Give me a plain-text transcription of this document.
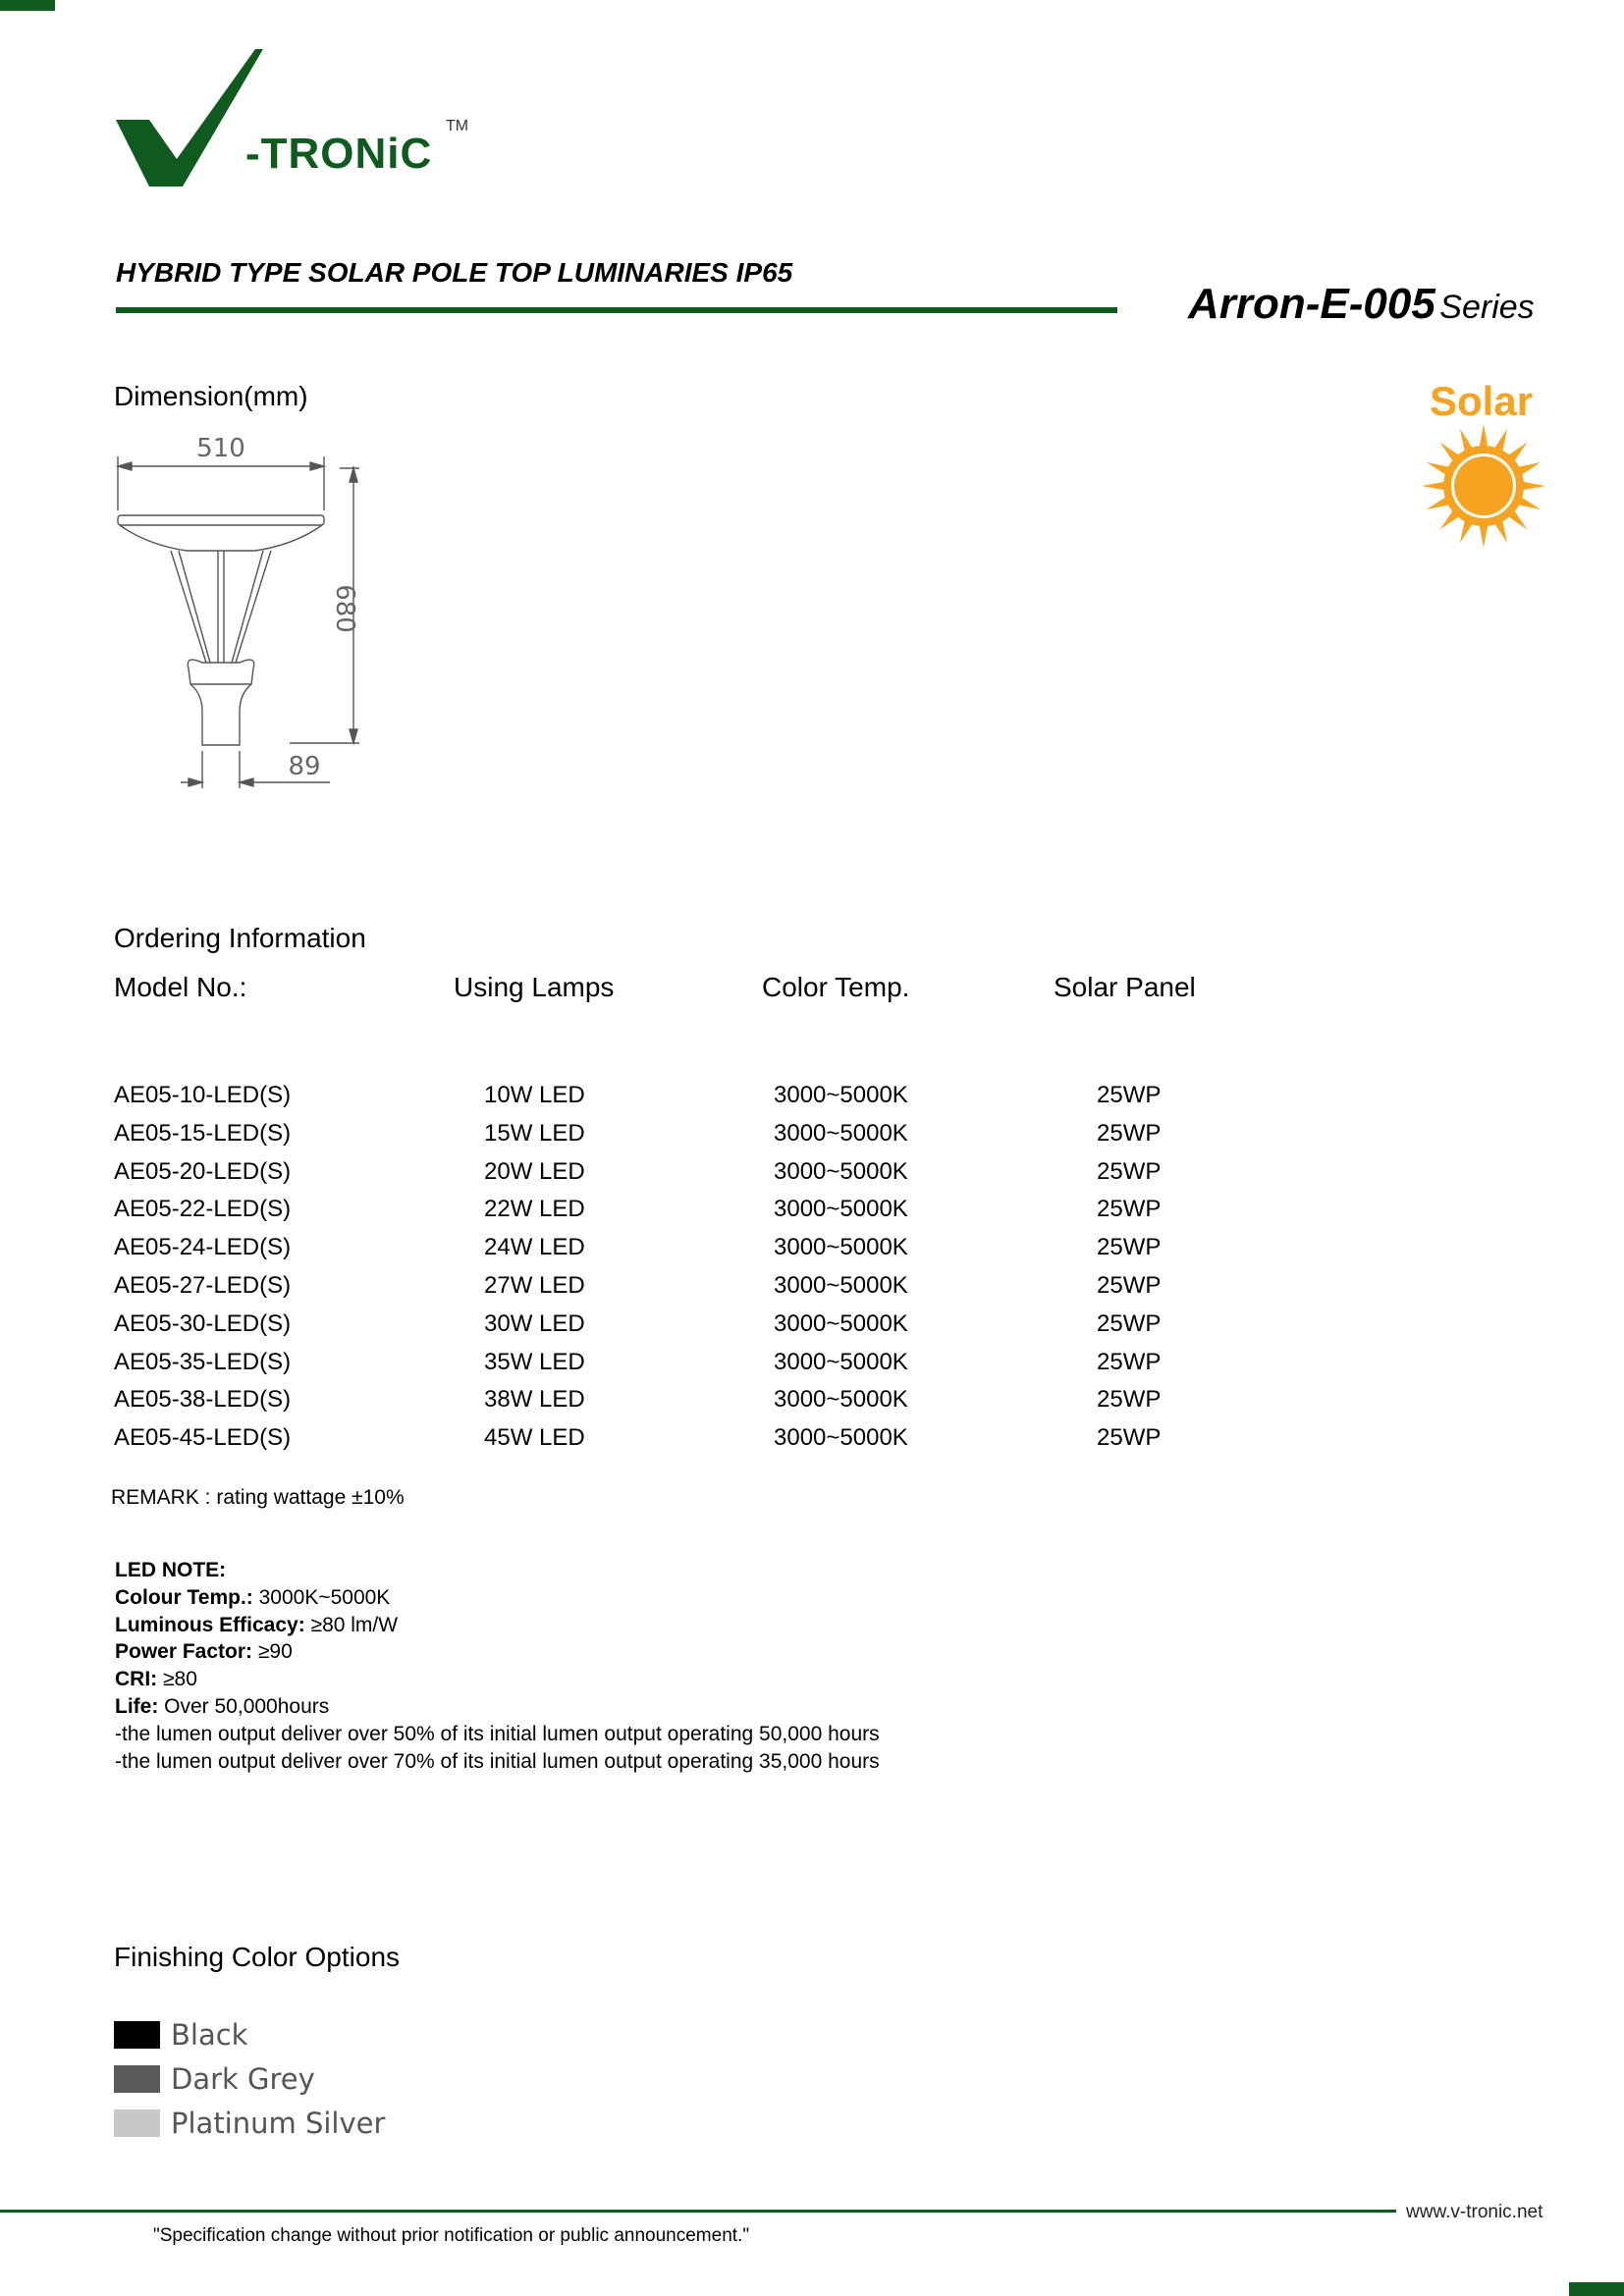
-TRONiC
TM
HYBRID TYPE SOLAR POLE TOP LUMINARIES IP65
Arron-E-005 Series
Solar
Dimension(mm)
510
680
89
Ordering Information
Model No.:	Using Lamps	Color Temp.	Solar Panel
AE05-10-LED(S)	10W LED	3000~5000K	25WP
AE05-15-LED(S)	15W LED	3000~5000K	25WP
AE05-20-LED(S)	20W LED	3000~5000K	25WP
AE05-22-LED(S)	22W LED	3000~5000K	25WP
AE05-24-LED(S)	24W LED	3000~5000K	25WP
AE05-27-LED(S)	27W LED	3000~5000K	25WP
AE05-30-LED(S)	30W LED	3000~5000K	25WP
AE05-35-LED(S)	35W LED	3000~5000K	25WP
AE05-38-LED(S)	38W LED	3000~5000K	25WP
AE05-45-LED(S)	45W LED	3000~5000K	25WP
REMARK : rating wattage ±10%
LED NOTE:
Colour Temp.: 3000K~5000K
Luminous Efficacy: ≥80 lm/W
Power Factor: ≥90
CRI: ≥80
Life: Over 50,000hours
-the lumen output deliver over 50% of its initial lumen output operating 50,000 hours
-the lumen output deliver over 70% of its initial lumen output operating 35,000 hours
Finishing Color Options
Black
Dark Grey
Platinum Silver
www.v-tronic.net
"Specification change without prior notification or public announcement."
